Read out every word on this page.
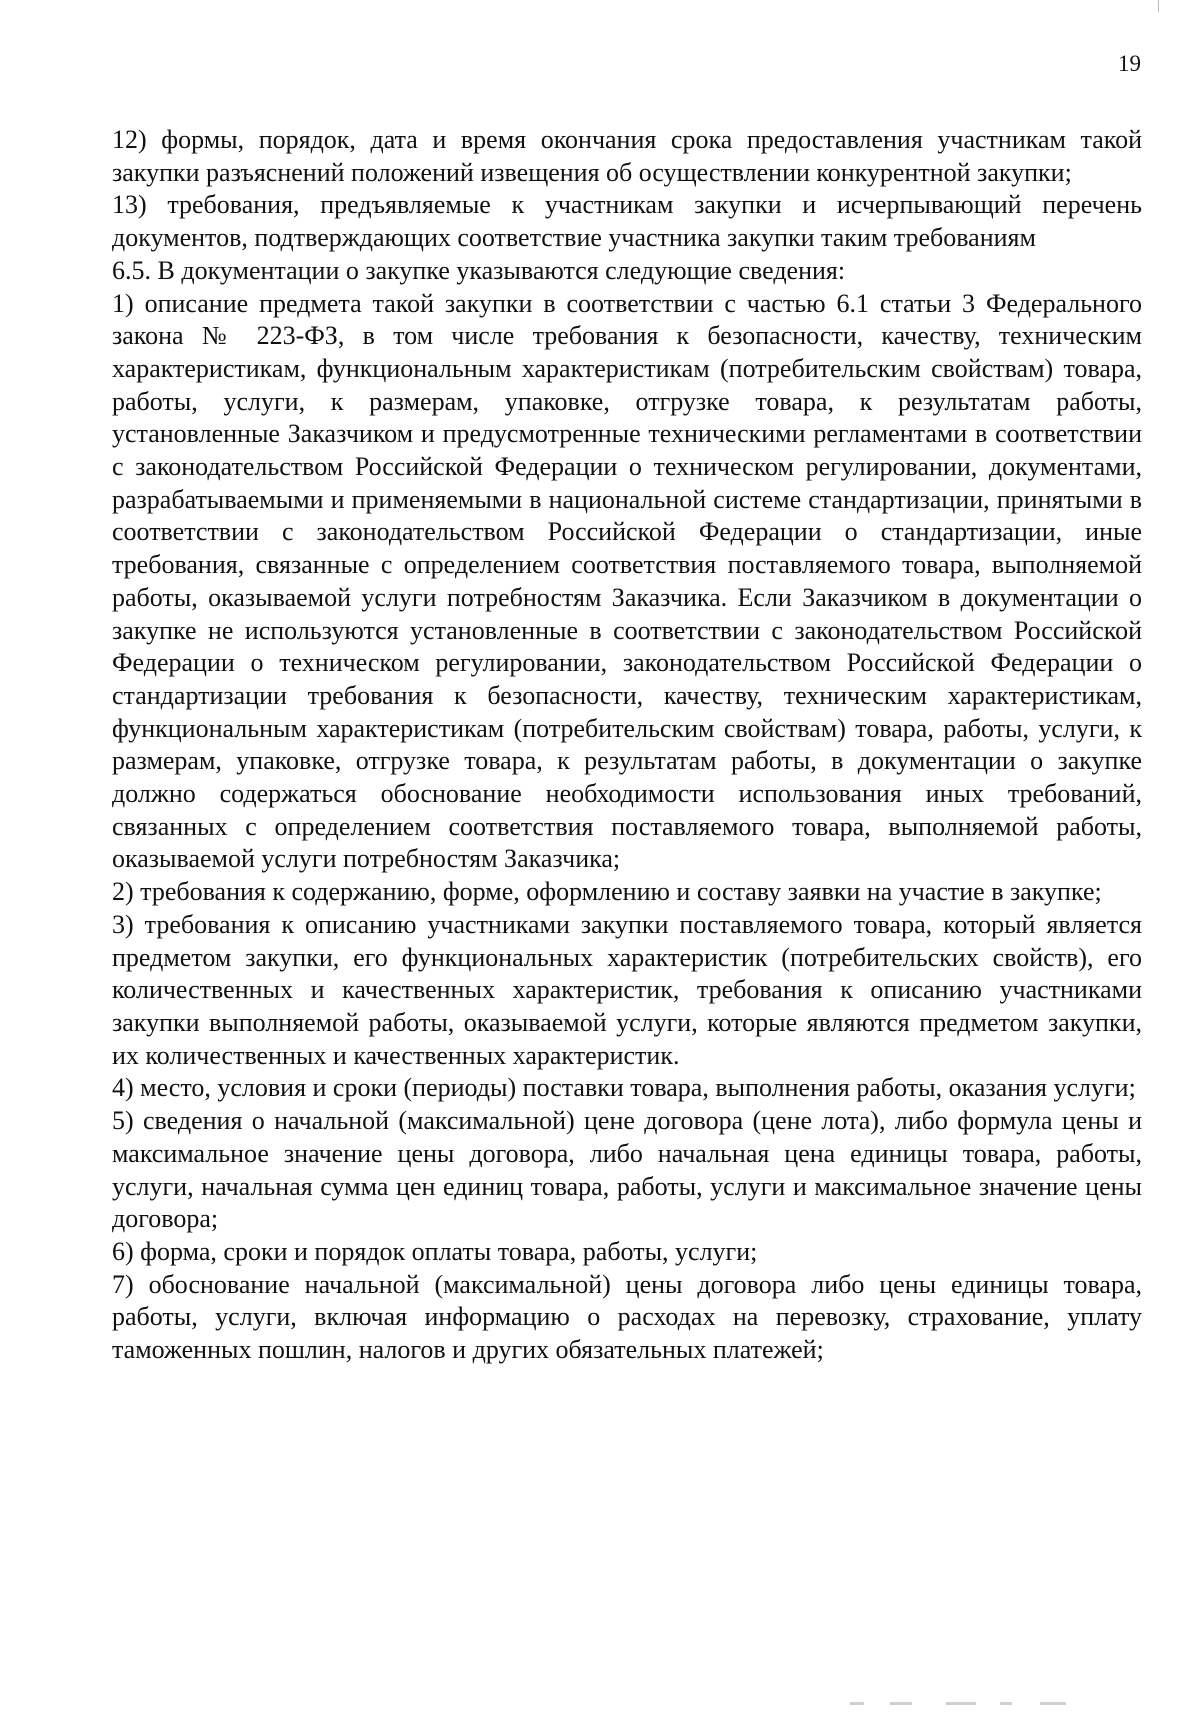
19

12) формы, порядок, дата и время окончания срока предоставления участникам такой закупки разъяснений положений извещения об осуществлении конкурентной закупки;

13) требования, предъявляемые к участникам закупки и исчерпывающий перечень документов, подтверждающих соответствие участника закупки таким требованиям

6.5. В документации о закупке указываются следующие сведения:

1) описание предмета такой закупки в соответствии с частью 6.1 статьи 3 Федерального закона № 223-ФЗ, в том числе требования к безопасности, качеству, техническим характеристикам, функциональным характеристикам (потребительским свойствам) товара, работы, услуги, к размерам, упаковке, отгрузке товара, к результатам работы, установленные Заказчиком и предусмотренные техническими регламентами в соответствии с законодательством Российской Федерации о техническом регулировании, документами, разрабатываемыми и применяемыми в национальной системе стандартизации, принятыми в соответствии с законодательством Российской Федерации о стандартизации, иные требования, связанные с определением соответствия поставляемого товара, выполняемой работы, оказываемой услуги потребностям Заказчика. Если Заказчиком в документации о закупке не используются установленные в соответствии с законодательством Российской Федерации о техническом регулировании, законодательством Российской Федерации о стандартизации требования к безопасности, качеству, техническим характеристикам, функциональным характеристикам (потребительским свойствам) товара, работы, услуги, к размерам, упаковке, отгрузке товара, к результатам работы, в документации о закупке должно содержаться обоснование необходимости использования иных требований, связанных с определением соответствия поставляемого товара, выполняемой работы, оказываемой услуги потребностям Заказчика;

2) требования к содержанию, форме, оформлению и составу заявки на участие в закупке;

3) требования к описанию участниками закупки поставляемого товара, который является предметом закупки, его функциональных характеристик (потребительских свойств), его количественных и качественных характеристик, требования к описанию участниками закупки выполняемой работы, оказываемой услуги, которые являются предметом закупки, их количественных и качественных характеристик.

4) место, условия и сроки (периоды) поставки товара, выполнения работы, оказания услуги;

5) сведения о начальной (максимальной) цене договора (цене лота), либо формула цены и максимальное значение цены договора, либо начальная цена единицы товара, работы, услуги, начальная сумма цен единиц товара, работы, услуги и максимальное значение цены договора;

6) форма, сроки и порядок оплаты товара, работы, услуги;

7) обоснование начальной (максимальной) цены договора либо цены единицы товара, работы, услуги, включая информацию о расходах на перевозку, страхование, уплату таможенных пошлин, налогов и других обязательных платежей;
